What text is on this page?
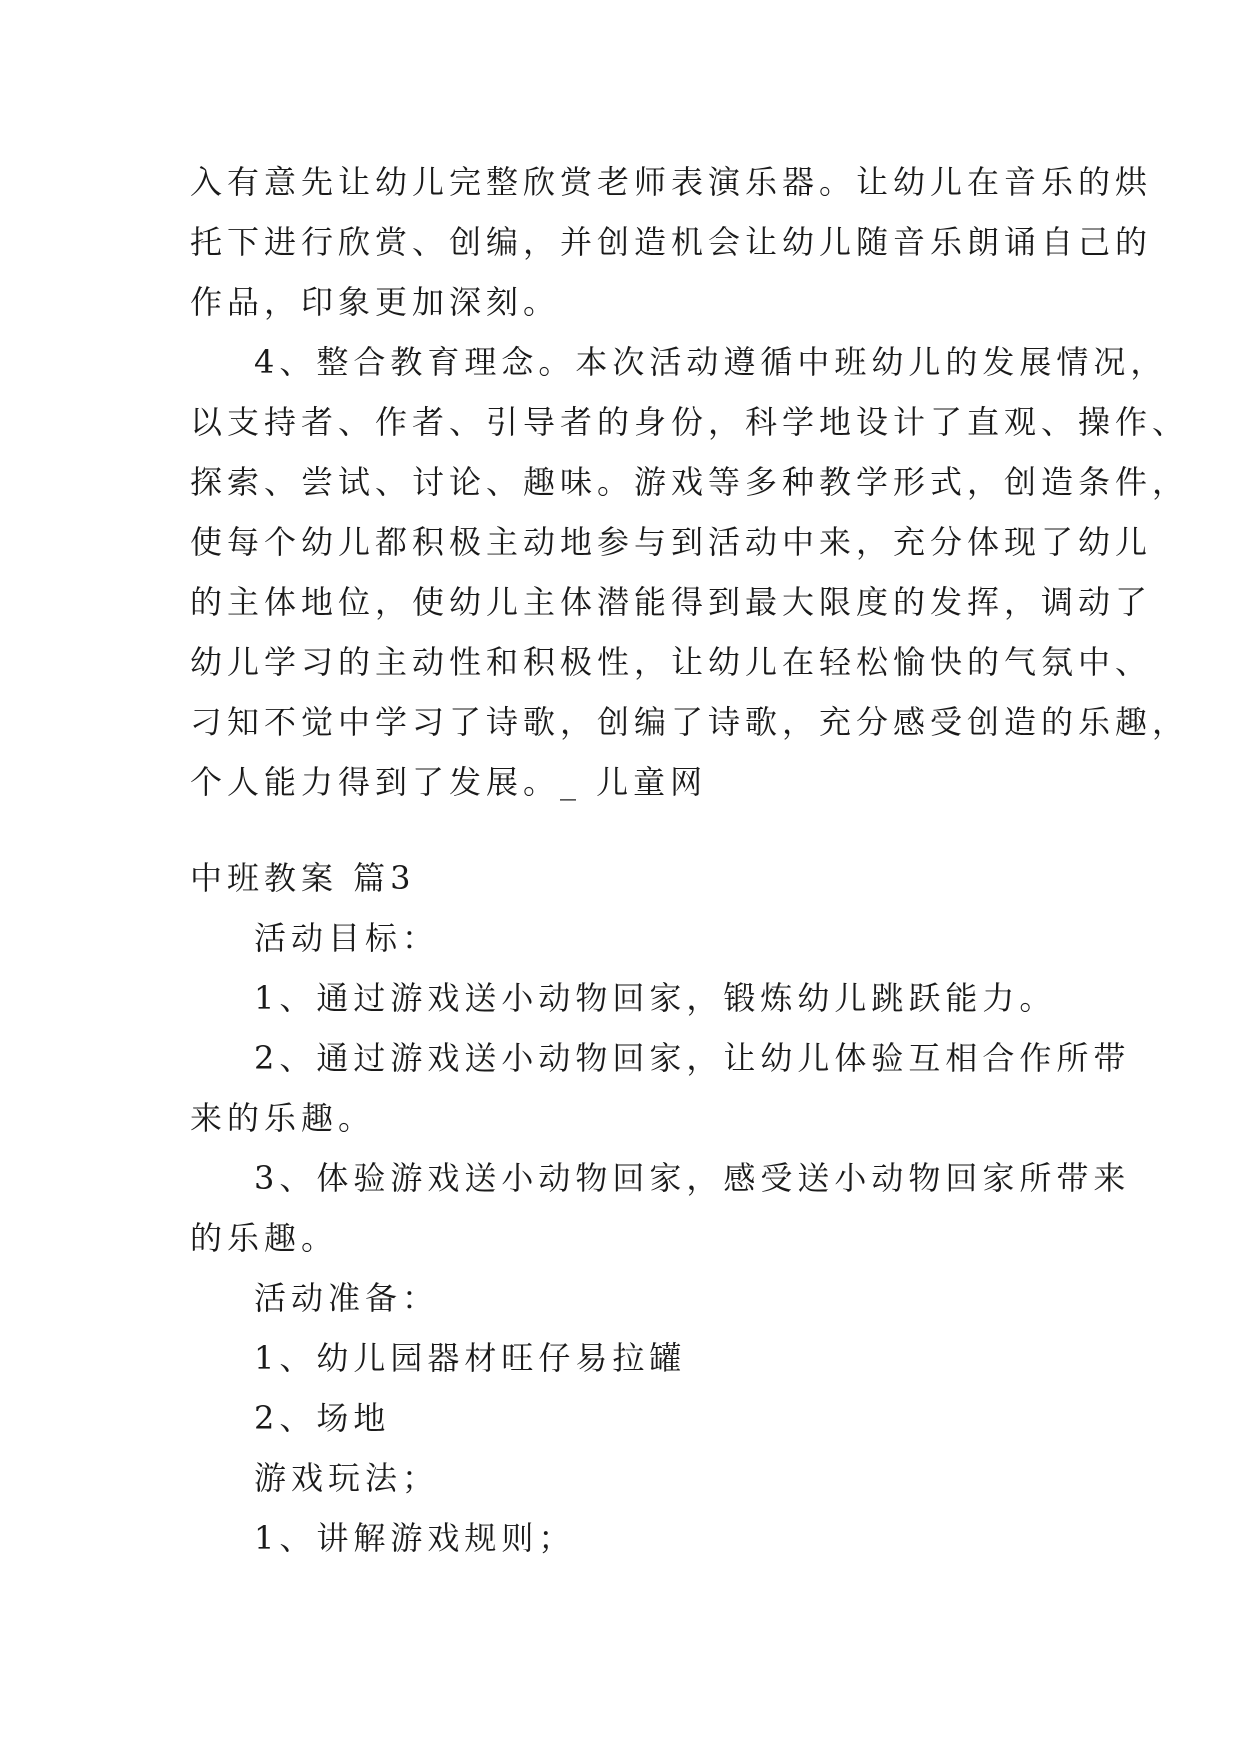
入有意先让幼儿完整欣赏老师表演乐器。让幼儿在音乐的烘
托下进行欣赏、创编，并创造机会让幼儿随音乐朗诵自己的
作品，印象更加深刻。
4、整合教育理念。本次活动遵循中班幼儿的发展情况，
以支持者、作者、引导者的身份，科学地设计了直观、操作、
探索、尝试、讨论、趣味。游戏等多种教学形式，创造条件，
使每个幼儿都积极主动地参与到活动中来，充分体现了幼儿
的主体地位，使幼儿主体潜能得到最大限度的发挥，调动了
幼儿学习的主动性和积极性，让幼儿在轻松愉快的气氛中、
刁知不觉中学习了诗歌，创编了诗歌，充分感受创造的乐趣，
个人能力得到了发展。_ 儿童网
中班教案 篇3
活动目标：
1、通过游戏送小动物回家，锻炼幼儿跳跃能力。
2、通过游戏送小动物回家，让幼儿体验互相合作所带
来的乐趣。
3、体验游戏送小动物回家，感受送小动物回家所带来
的乐趣。
活动准备：
1、幼儿园器材旺仔易拉罐
2、场地
游戏玩法；
1、讲解游戏规则；
